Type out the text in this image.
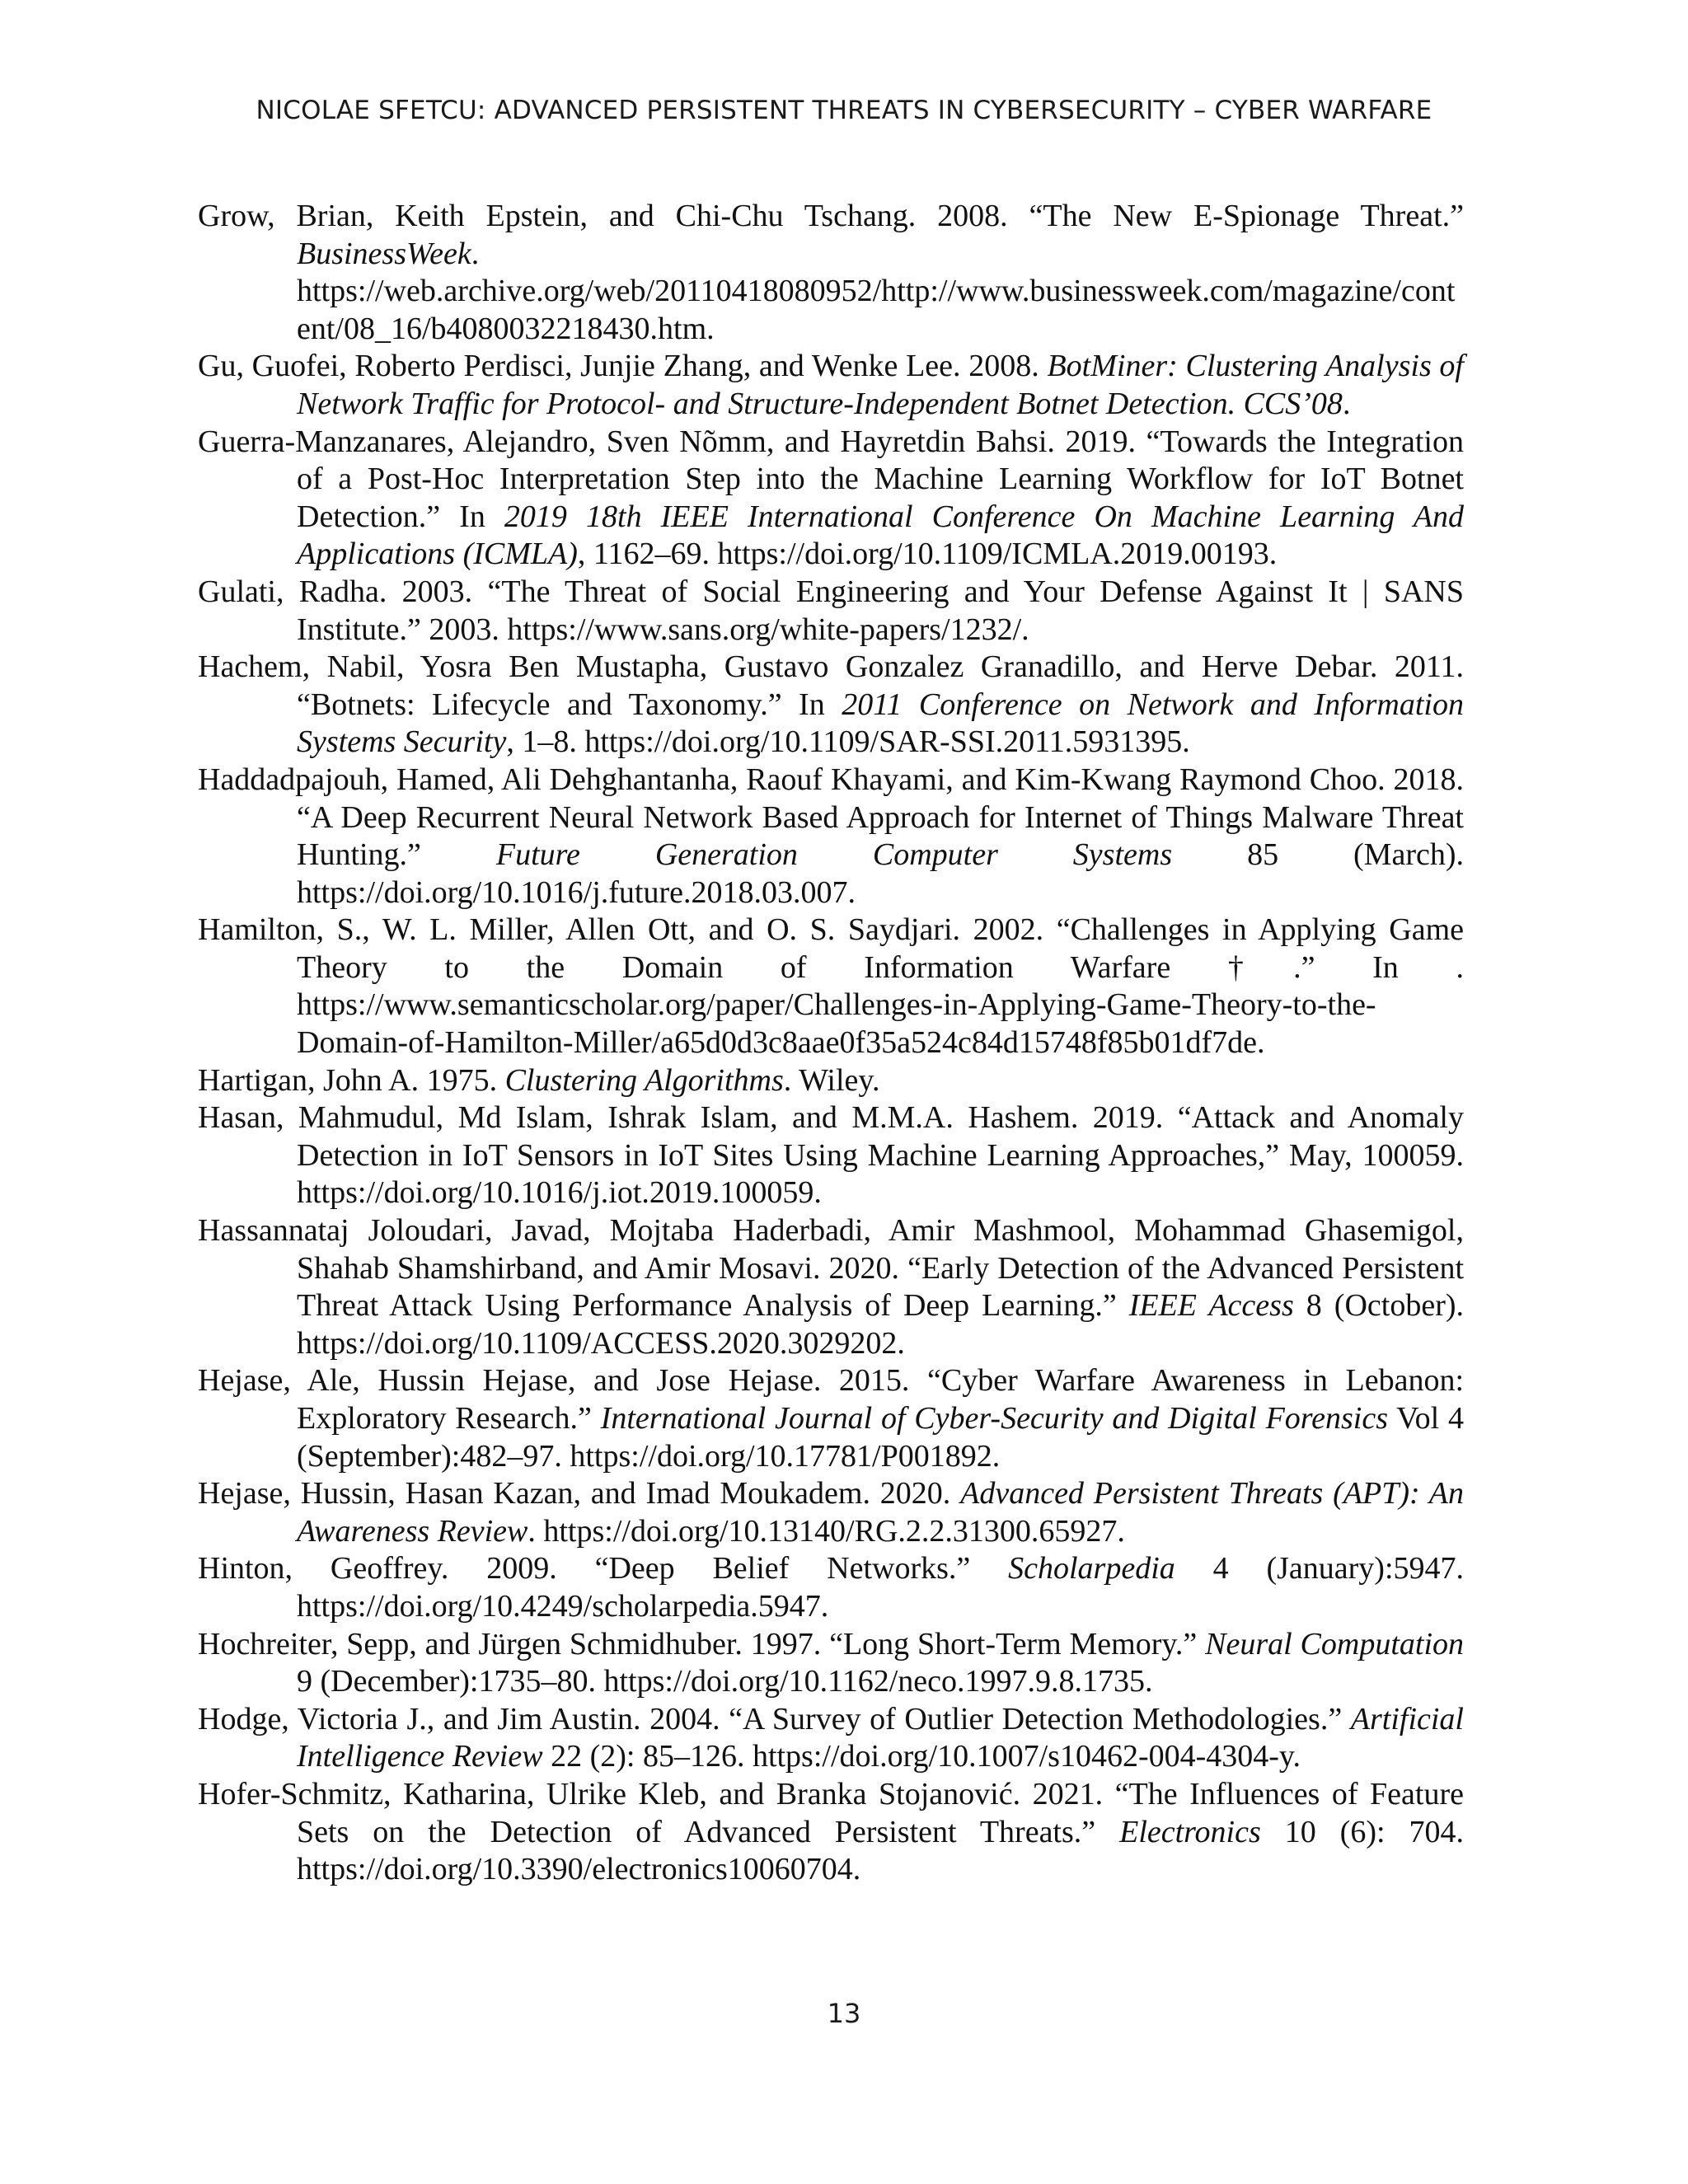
NICOLAE SFETCU: ADVANCED PERSISTENT THREATS IN CYBERSECURITY – CYBER WARFARE
Grow, Brian, Keith Epstein, and Chi-Chu Tschang. 2008. “The New E-Spionage Threat.” BusinessWeek. https://web.archive.org/web/20110418080952/http://www.businessweek.com/magazine/content/08_16/b4080032218430.htm.
Gu, Guofei, Roberto Perdisci, Junjie Zhang, and Wenke Lee. 2008. BotMiner: Clustering Analysis of Network Traffic for Protocol- and Structure-Independent Botnet Detection. CCS’08.
Guerra-Manzanares, Alejandro, Sven Nõmm, and Hayretdin Bahsi. 2019. “Towards the Integration of a Post-Hoc Interpretation Step into the Machine Learning Workflow for IoT Botnet Detection.” In 2019 18th IEEE International Conference On Machine Learning And Applications (ICMLA), 1162–69. https://doi.org/10.1109/ICMLA.2019.00193.
Gulati, Radha. 2003. “The Threat of Social Engineering and Your Defense Against It | SANS Institute.” 2003. https://www.sans.org/white-papers/1232/.
Hachem, Nabil, Yosra Ben Mustapha, Gustavo Gonzalez Granadillo, and Herve Debar. 2011. “Botnets: Lifecycle and Taxonomy.” In 2011 Conference on Network and Information Systems Security, 1–8. https://doi.org/10.1109/SAR-SSI.2011.5931395.
Haddadpajouh, Hamed, Ali Dehghantanha, Raouf Khayami, and Kim-Kwang Raymond Choo. 2018. “A Deep Recurrent Neural Network Based Approach for Internet of Things Malware Threat Hunting.” Future Generation Computer Systems 85 (March). https://doi.org/10.1016/j.future.2018.03.007.
Hamilton, S., W. L. Miller, Allen Ott, and O. S. Saydjari. 2002. “Challenges in Applying Game Theory to the Domain of Information Warfare †.” In . https://www.semanticscholar.org/paper/Challenges-in-Applying-Game-Theory-to-the-Domain-of-Hamilton-Miller/a65d0d3c8aae0f35a524c84d15748f85b01df7de.
Hartigan, John A. 1975. Clustering Algorithms. Wiley.
Hasan, Mahmudul, Md Islam, Ishrak Islam, and M.M.A. Hashem. 2019. “Attack and Anomaly Detection in IoT Sensors in IoT Sites Using Machine Learning Approaches,” May, 100059. https://doi.org/10.1016/j.iot.2019.100059.
Hassannataj Joloudari, Javad, Mojtaba Haderbadi, Amir Mashmool, Mohammad Ghasemigol, Shahab Shamshirband, and Amir Mosavi. 2020. “Early Detection of the Advanced Persistent Threat Attack Using Performance Analysis of Deep Learning.” IEEE Access 8 (October). https://doi.org/10.1109/ACCESS.2020.3029202.
Hejase, Ale, Hussin Hejase, and Jose Hejase. 2015. “Cyber Warfare Awareness in Lebanon: Exploratory Research.” International Journal of Cyber-Security and Digital Forensics Vol 4 (September):482–97. https://doi.org/10.17781/P001892.
Hejase, Hussin, Hasan Kazan, and Imad Moukadem. 2020. Advanced Persistent Threats (APT): An Awareness Review. https://doi.org/10.13140/RG.2.2.31300.65927.
Hinton, Geoffrey. 2009. “Deep Belief Networks.” Scholarpedia 4 (January):5947. https://doi.org/10.4249/scholarpedia.5947.
Hochreiter, Sepp, and Jürgen Schmidhuber. 1997. “Long Short-Term Memory.” Neural Computation 9 (December):1735–80. https://doi.org/10.1162/neco.1997.9.8.1735.
Hodge, Victoria J., and Jim Austin. 2004. “A Survey of Outlier Detection Methodologies.” Artificial Intelligence Review 22 (2): 85–126. https://doi.org/10.1007/s10462-004-4304-y.
Hofer-Schmitz, Katharina, Ulrike Kleb, and Branka Stojanović. 2021. “The Influences of Feature Sets on the Detection of Advanced Persistent Threats.” Electronics 10 (6): 704. https://doi.org/10.3390/electronics10060704.
13
